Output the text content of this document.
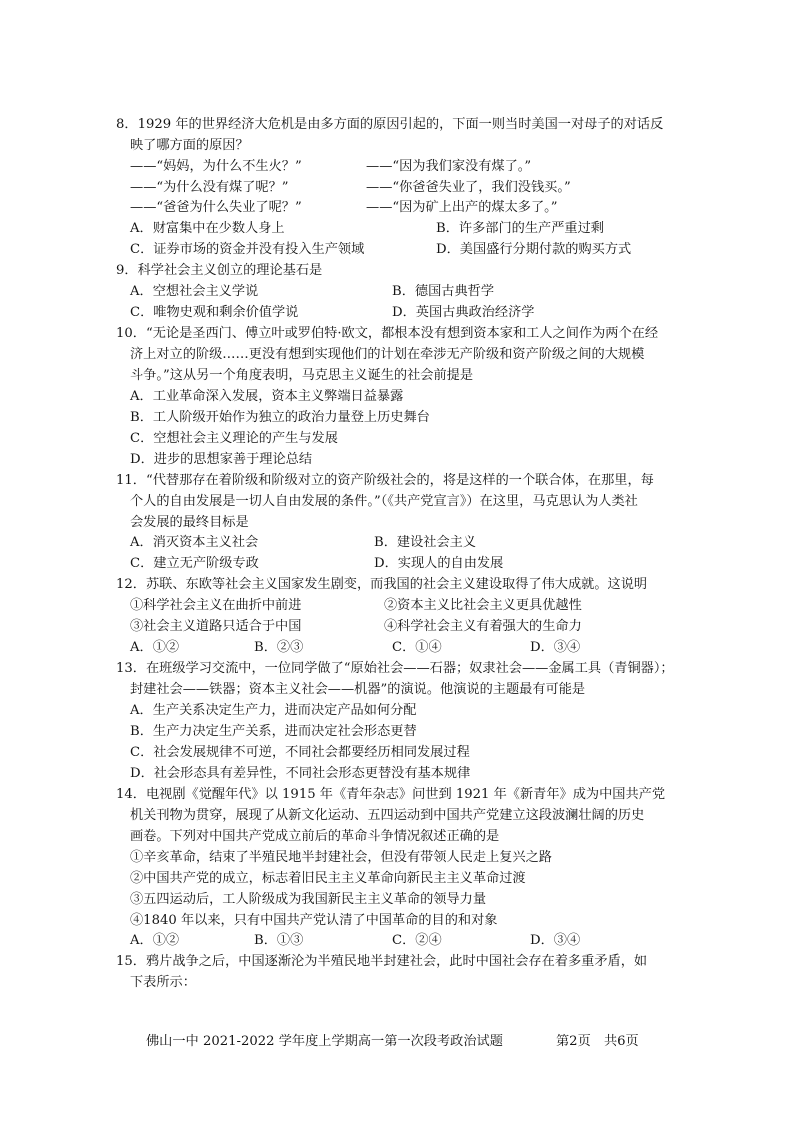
8．1929 年的世界经济大危机是由多方面的原因引起的，下面一则当时美国一对母子的对话反
映了哪方面的原因？
——“妈妈，为什么不生火？”	——“因为我们家没有煤了。”
——“为什么没有煤了呢？”	——“你爸爸失业了，我们没钱买。”
——“爸爸为什么失业了呢？”	——“因为矿上出产的煤太多了。”
A．财富集中在少数人身上	B．许多部门的生产严重过剩
C．证券市场的资金并没有投入生产领域	D．美国盛行分期付款的购买方式
9．科学社会主义创立的理论基石是
A．空想社会主义学说	B．德国古典哲学
C．唯物史观和剩余价值学说	D．英国古典政治经济学
10．“无论是圣西门、傅立叶或罗伯特·欧文，都根本没有想到资本家和工人之间作为两个在经
济上对立的阶级……更没有想到实现他们的计划在牵涉无产阶级和资产阶级之间的大规模
斗争。”这从另一个角度表明，马克思主义诞生的社会前提是
A．工业革命深入发展，资本主义弊端日益暴露
B．工人阶级开始作为独立的政治力量登上历史舞台
C．空想社会主义理论的产生与发展
D．进步的思想家善于理论总结
11．“代替那存在着阶级和阶级对立的资产阶级社会的，将是这样的一个联合体，在那里，每
个人的自由发展是一切人自由发展的条件。”（《共产党宣言》）在这里，马克思认为人类社
会发展的最终目标是
A．消灭资本主义社会	B．建设社会主义
C．建立无产阶级专政	D．实现人的自由发展
12．苏联、东欧等社会主义国家发生剧变，而我国的社会主义建设取得了伟大成就。这说明
①科学社会主义在曲折中前进	②资本主义比社会主义更具优越性
③社会主义道路只适合于中国	④科学社会主义有着强大的生命力
A．①②	B．②③	C．①④	D．③④
13．在班级学习交流中，一位同学做了“原始社会——石器；奴隶社会——金属工具（青铜器）；
封建社会——铁器；资本主义社会——机器”的演说。他演说的主题最有可能是
A．生产关系决定生产力，进而决定产品如何分配
B．生产力决定生产关系，进而决定社会形态更替
C．社会发展规律不可逆，不同社会都要经历相同发展过程
D．社会形态具有差异性，不同社会形态更替没有基本规律
14．电视剧《觉醒年代》以 1915 年《青年杂志》问世到 1921 年《新青年》成为中国共产党
机关刊物为贯穿，展现了从新文化运动、五四运动到中国共产党建立这段波澜壮阔的历史
画卷。下列对中国共产党成立前后的革命斗争情况叙述正确的是
①辛亥革命，结束了半殖民地半封建社会，但没有带领人民走上复兴之路
②中国共产党的成立，标志着旧民主主义革命向新民主主义革命过渡
③五四运动后，工人阶级成为我国新民主主义革命的领导力量
④1840 年以来，只有中国共产党认清了中国革命的目的和对象
A．①②	B．①③	C．②④	D．③④
15．鸦片战争之后，中国逐渐沦为半殖民地半封建社会，此时中国社会存在着多重矛盾，如
下表所示：
佛山一中 2021-2022 学年度上学期高一第一次段考政治试题	第2页　共6页
